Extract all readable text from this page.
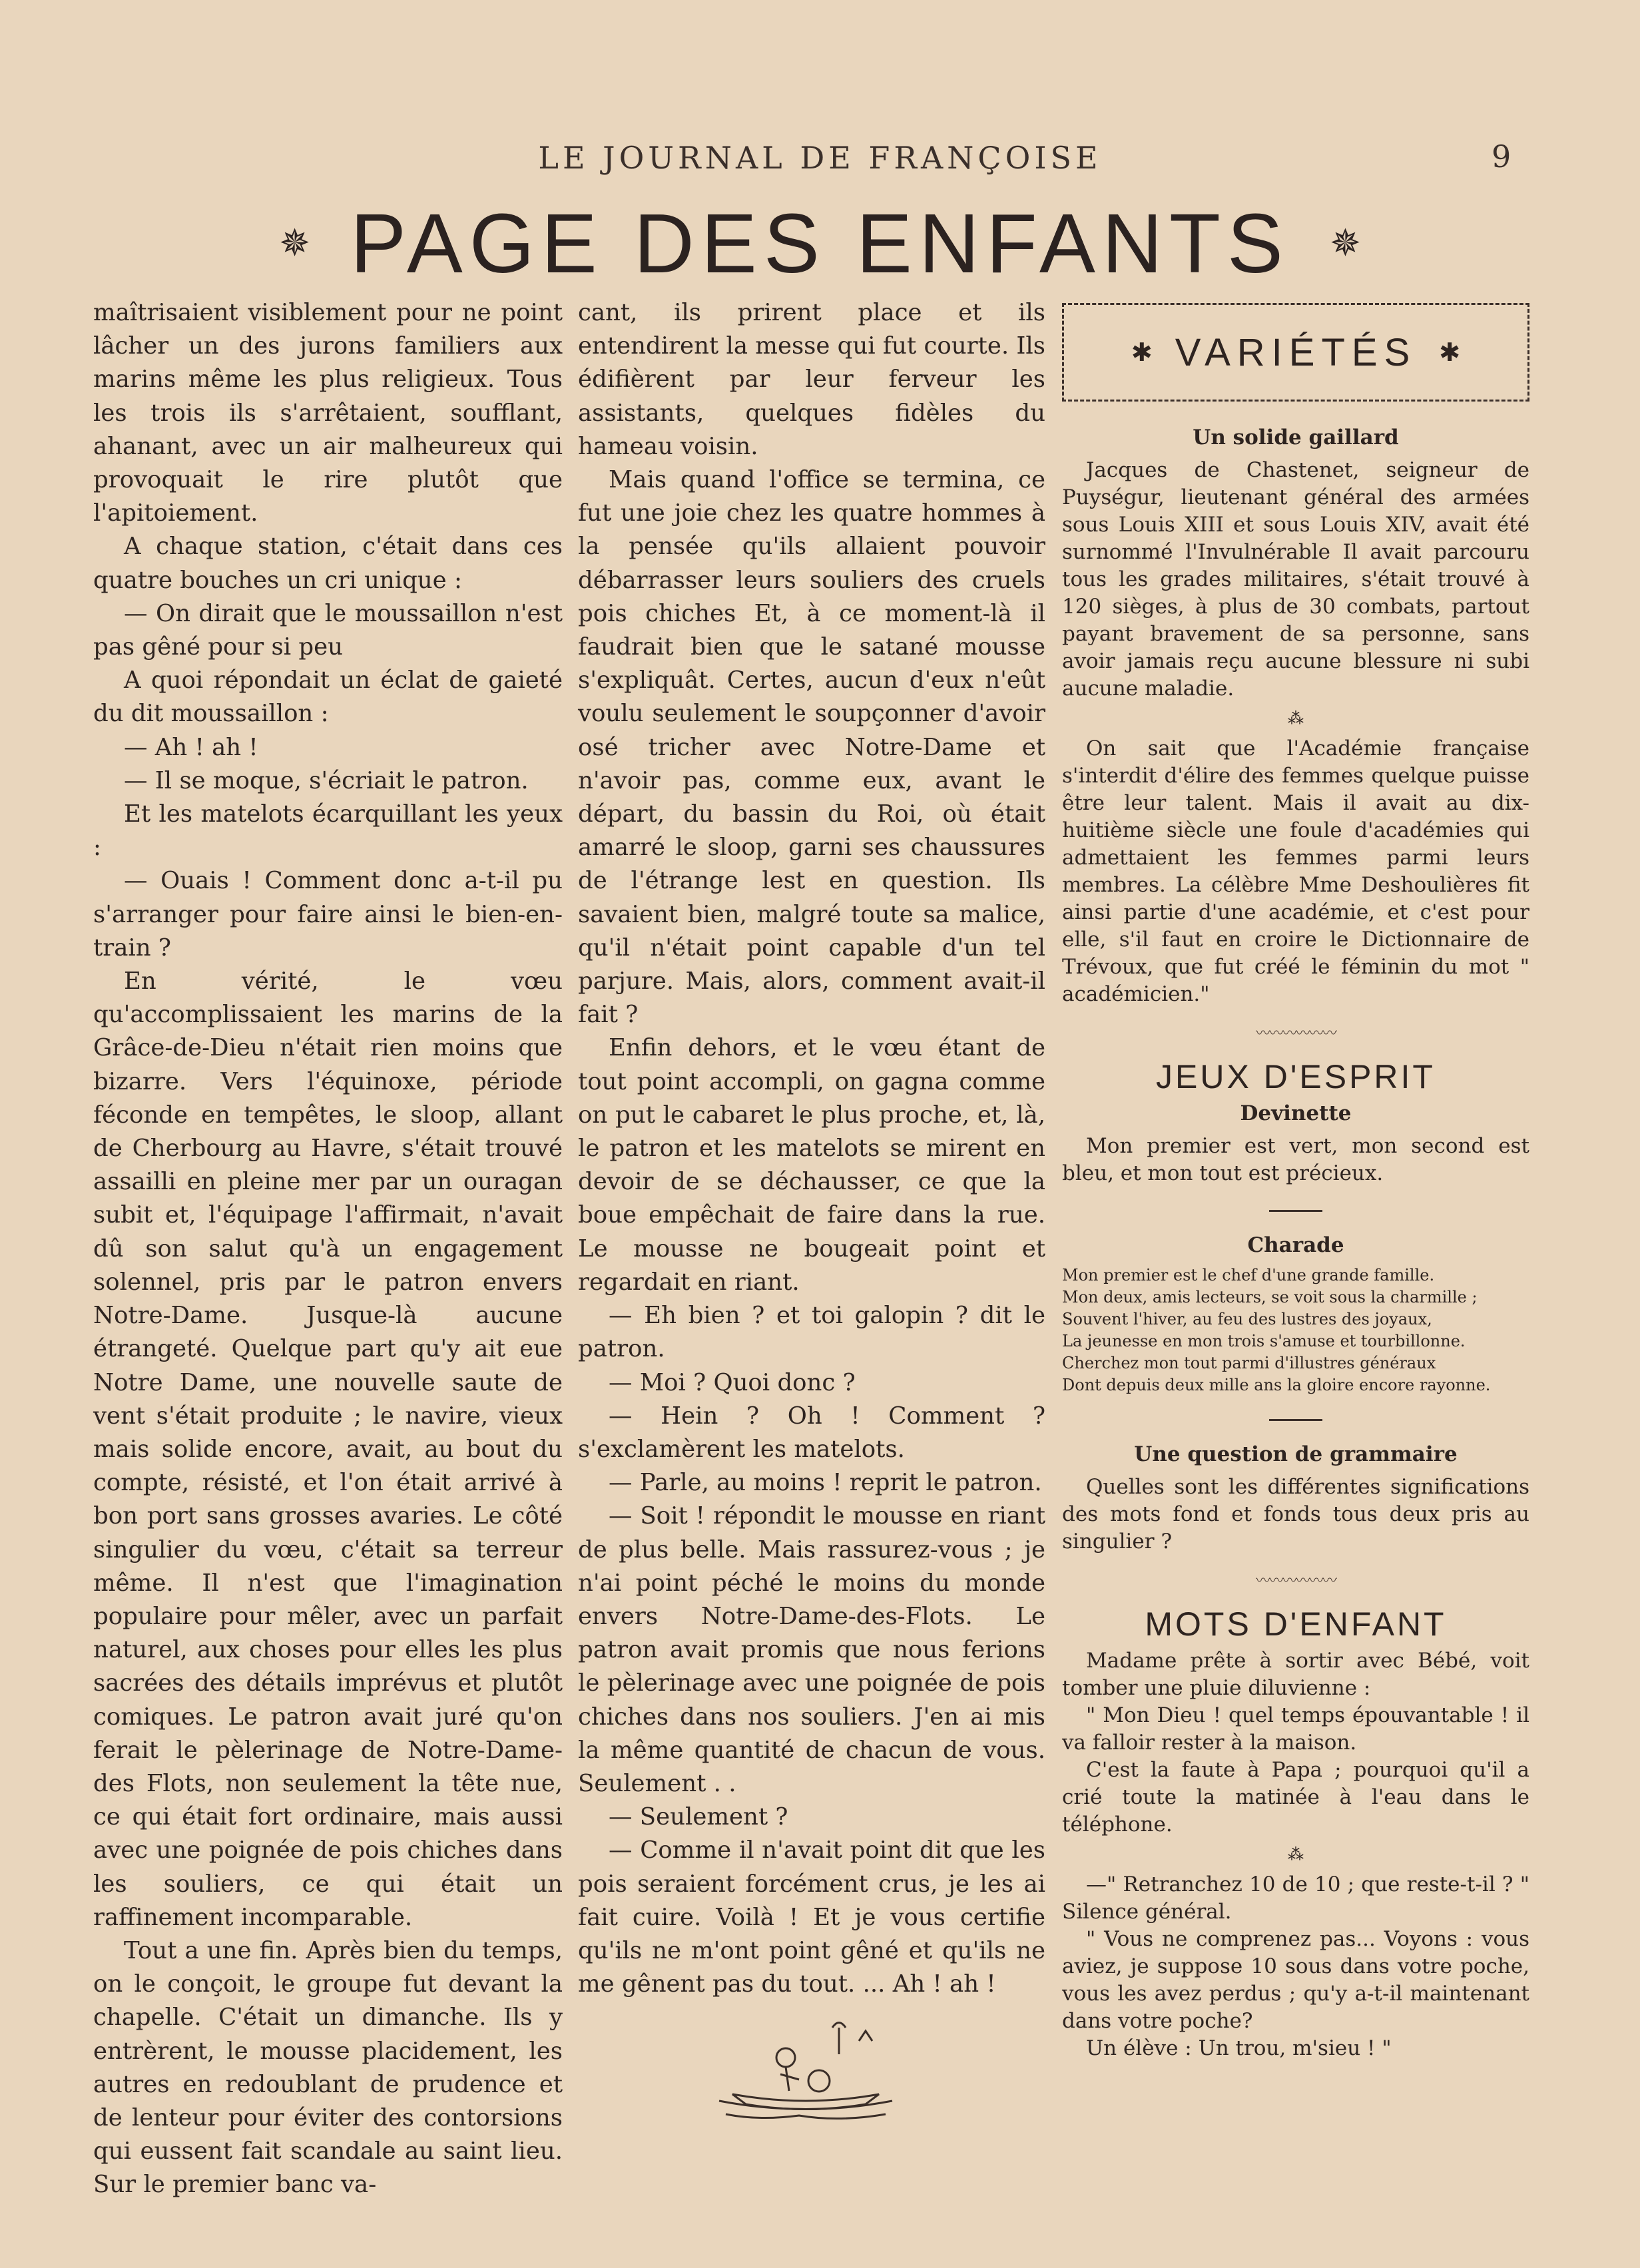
LE JOURNAL DE FRANÇOISE	9
✵ PAGE DES ENFANTS ✵

maîtrisaient visiblement pour ne point lâcher un des jurons familiers aux marins même les plus religieux. Tous les trois ils s'arrêtaient, soufflant, ahanant, avec un air malheureux qui provoquait le rire plutôt que l'apitoiement.

A chaque station, c'était dans ces quatre bouches un cri unique :

— On dirait que le moussaillon n'est pas gêné pour si peu

A quoi répondait un éclat de gaieté du dit moussaillon :

— Ah ! ah !

— Il se moque, s'écriait le patron.

Et les matelots écarquillant les yeux :

— Ouais ! Comment donc a-t-il pu s'arranger pour faire ainsi le bien-en-train ?

En vérité, le vœu qu'accomplissaient les marins de la Grâce-de-Dieu n'était rien moins que bizarre. Vers l'équinoxe, période féconde en tempêtes, le sloop, allant de Cherbourg au Havre, s'était trouvé assailli en pleine mer par un ouragan subit et, l'équipage l'affirmait, n'avait dû son salut qu'à un engagement solennel, pris par le patron envers Notre-Dame. Jusque-là aucune étrangeté. Quelque part qu'y ait eue Notre Dame, une nouvelle saute de vent s'était produite ; le navire, vieux mais solide encore, avait, au bout du compte, résisté, et l'on était arrivé à bon port sans grosses avaries. Le côté singulier du vœu, c'était sa terreur même. Il n'est que l'imagination populaire pour mêler, avec un parfait naturel, aux choses pour elles les plus sacrées des détails imprévus et plutôt comiques. Le patron avait juré qu'on ferait le pèlerinage de Notre-Dame-des Flots, non seulement la tête nue, ce qui était fort ordinaire, mais aussi avec une poignée de pois chiches dans les souliers, ce qui était un raffinement incomparable.

Tout a une fin. Après bien du temps, on le conçoit, le groupe fut devant la chapelle. C'était un dimanche. Ils y entrèrent, le mousse placidement, les autres en redoublant de prudence et de lenteur pour éviter des contorsions qui eussent fait scandale au saint lieu. Sur le premier banc va-

cant, ils prirent place et ils entendirent la messe qui fut courte. Ils édifièrent par leur ferveur les assistants, quelques fidèles du hameau voisin.

Mais quand l'office se termina, ce fut une joie chez les quatre hommes à la pensée qu'ils allaient pouvoir débarrasser leurs souliers des cruels pois chiches Et, à ce moment-là il faudrait bien que le satané mousse s'expliquât. Certes, aucun d'eux n'eût voulu seulement le soupçonner d'avoir osé tricher avec Notre-Dame et n'avoir pas, comme eux, avant le départ, du bassin du Roi, où était amarré le sloop, garni ses chaussures de l'étrange lest en question. Ils savaient bien, malgré toute sa malice, qu'il n'était point capable d'un tel parjure. Mais, alors, comment avait-il fait ?

Enfin dehors, et le vœu étant de tout point accompli, on gagna comme on put le cabaret le plus proche, et, là, le patron et les matelots se mirent en devoir de se déchausser, ce que la boue empêchait de faire dans la rue. Le mousse ne bougeait point et regardait en riant.

— Eh bien ? et toi galopin ? dit le patron.

— Moi ? Quoi donc ?

— Hein ? Oh ! Comment ? s'exclamèrent les matelots.

— Parle, au moins ! reprit le patron.

— Soit ! répondit le mousse en riant de plus belle. Mais rassurez-vous ; je n'ai point péché le moins du monde envers Notre-Dame-des-Flots. Le patron avait promis que nous ferions le pèlerinage avec une poignée de pois chiches dans nos souliers. J'en ai mis la même quantité de chacun de vous. Seulement . .

— Seulement ?

— Comme il n'avait point dit que les pois seraient forcément crus, je les ai fait cuire. Voilà ! Et je vous certifie qu'ils ne m'ont point gêné et qu'ils ne me gênent pas du tout. ... Ah ! ah !

✱ VARIÉTÉS ✱
Un solide gaillard

Jacques de Chastenet, seigneur de Puységur, lieutenant général des armées sous Louis XIII et sous Louis XIV, avait été surnommé l'Invulnérable Il avait parcouru tous les grades militaires, s'était trouvé à 120 sièges, à plus de 30 combats, partout payant bravement de sa personne, sans avoir jamais reçu aucune blessure ni subi aucune maladie.

⁂

On sait que l'Académie française s'interdit d'élire des femmes quelque puisse être leur talent. Mais il avait au dix-huitième siècle une foule d'académies qui admettaient les femmes parmi leurs membres. La célèbre Mme Deshoulières fit ainsi partie d'une académie, et c'est pour elle, s'il faut en croire le Dictionnaire de Trévoux, que fut créé le féminin du mot " académicien."

〰〰〰〰〰〰
JEUX D'ESPRIT
Devinette

Mon premier est vert, mon second est bleu, et mon tout est précieux.

Charade

Mon premier est le chef d'une grande famille.

Mon deux, amis lecteurs, se voit sous la charmille ;

Souvent l'hiver, au feu des lustres des joyaux,

La jeunesse en mon trois s'amuse et tourbillonne.

Cherchez mon tout parmi d'illustres généraux

Dont depuis deux mille ans la gloire encore rayonne.

Une question de grammaire

Quelles sont les différentes significations des mots fond et fonds tous deux pris au singulier ?

〰〰〰〰〰〰
MOTS D'ENFANT

Madame prête à sortir avec Bébé, voit tomber une pluie diluvienne :

" Mon Dieu ! quel temps épouvantable ! il va falloir rester à la maison.

C'est la faute à Papa ; pourquoi qu'il a crié toute la matinée à l'eau dans le téléphone.

⁂

—" Retranchez 10 de 10 ; que reste-t-il ? " Silence général.

" Vous ne comprenez pas... Voyons : vous aviez, je suppose 10 sous dans votre poche, vous les avez perdus ; qu'y a-t-il maintenant dans votre poche?

Un élève : Un trou, m'sieu ! "
